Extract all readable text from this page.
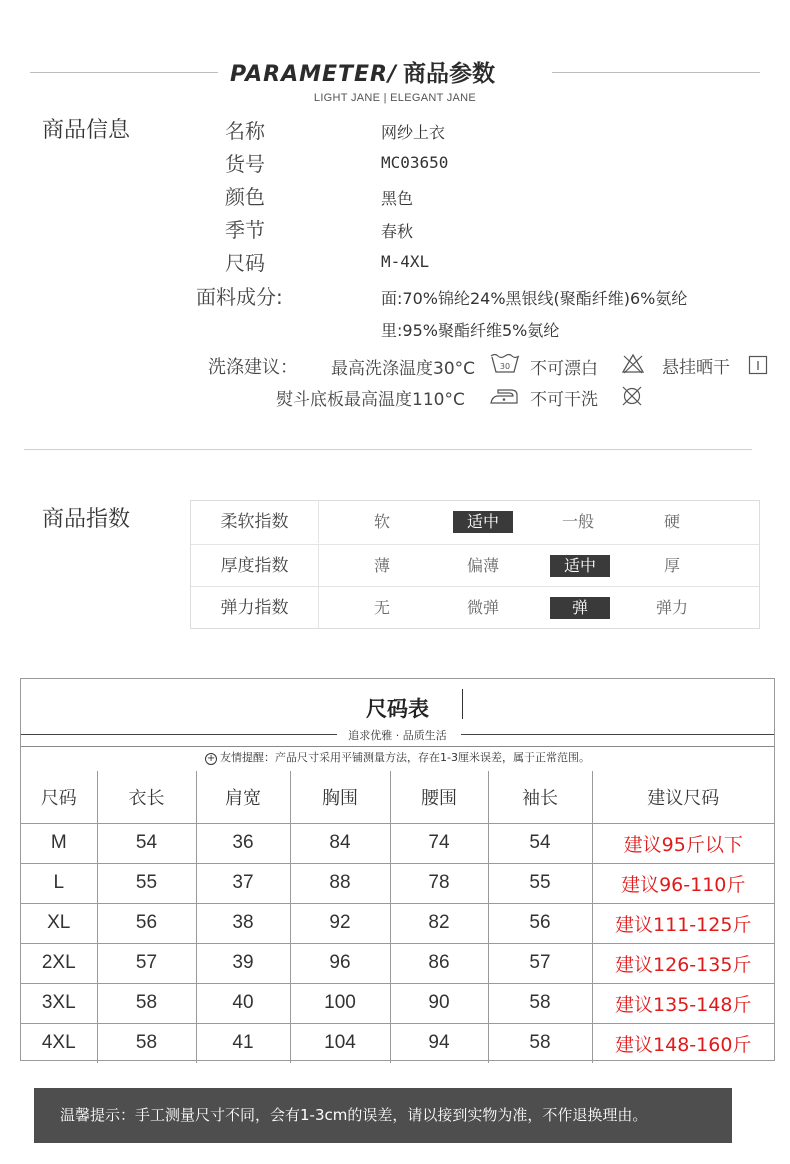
PARAMETER/ 商品参数
LIGHT JANE | ELEGANT JANE
商品信息	名称	网纱上衣
货号	MC03650
颜色	黑色
季节	春秋
尺码	M-4XL
面料成分:	面:70%锦纶24%黑银线(聚酯纤维)6%氨纶
里:95%聚酯纤维5%氨纶
洗涤建议： 最高洗涤温度30°C	30 不可漂白	悬挂晒干
熨斗底板最高温度110°C	不可干洗
商品指数	柔软指数	软	适中	一般	硬
厚度指数	薄	偏薄	适中	厚
弹力指数	无	微弹	弹	弹力
尺码表
追求优雅 · 品质生活
+ 友情提醒：产品尺寸采用平铺测量方法，存在1-3厘米误差，属于正常范围。
尺码	衣长	肩宽	胸围	腰围	袖长	建议尺码
M	54	36	84	74	54	建议95斤以下
L	55	37	88	78	55	建议96-110斤
XL	56	38	92	82	56	建议111-125斤
2XL	57	39	96	86	57	建议126-135斤
3XL	58	40	100	90	58	建议135-148斤
4XL	58	41	104	94	58	建议148-160斤
温馨提示：手工测量尺寸不同，会有1-3cm的误差，请以接到实物为准，不作退换理由。
